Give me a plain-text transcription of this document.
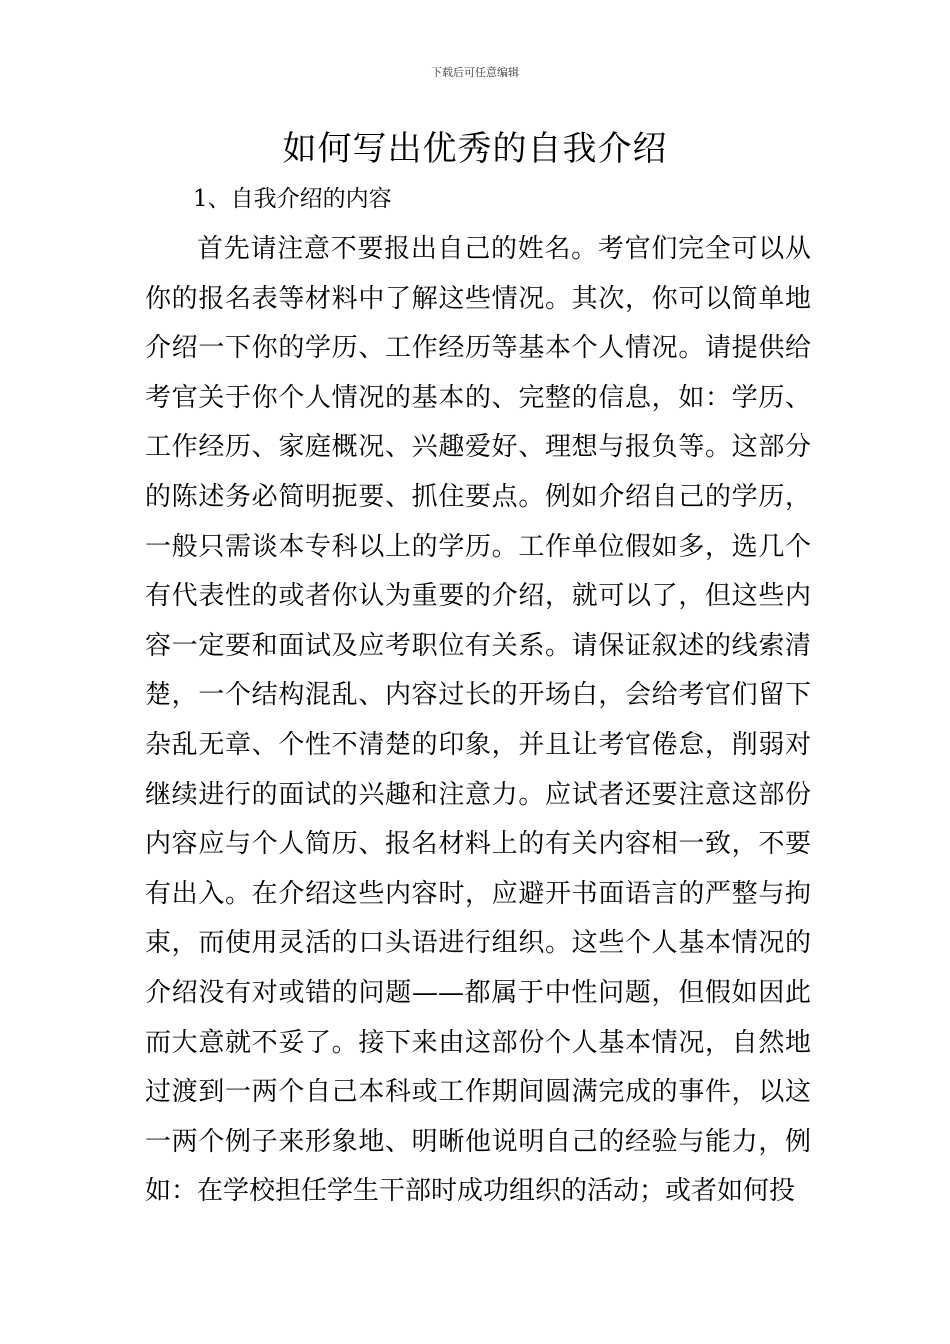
下载后可任意编辑
如何写出优秀的自我介绍
1、自我介绍的内容

首先请注意不要报出自己的姓名。考官们完全可以从你的报名表等材料中了解这些情况。其次，你可以简单地介绍一下你的学历、工作经历等基本个人情况。请提供给考官关于你个人情况的基本的、完整的信息，如：学历、工作经历、家庭概况、兴趣爱好、理想与报负等。这部分的陈述务必简明扼要、抓住要点。例如介绍自己的学历，一般只需谈本专科以上的学历。工作单位假如多，选几个有代表性的或者你认为重要的介绍，就可以了，但这些内容一定要和面试及应考职位有关系。请保证叙述的线索清楚，一个结构混乱、内容过长的开场白，会给考官们留下杂乱无章、个性不清楚的印象，并且让考官倦怠，削弱对继续进行的面试的兴趣和注意力。应试者还要注意这部份内容应与个人简历、报名材料上的有关内容相一致，不要有出入。在介绍这些内容时，应避开书面语言的严整与拘束，而使用灵活的口头语进行组织。这些个人基本情况的介绍没有对或错的问题——都属于中性问题，但假如因此而大意就不妥了。接下来由这部份个人基本情况，自然地过渡到一两个自己本科或工作期间圆满完成的事件，以这一两个例子来形象地、明晰他说明自己的经验与能力，例如：在学校担任学生干部时成功组织的活动；或者如何投
